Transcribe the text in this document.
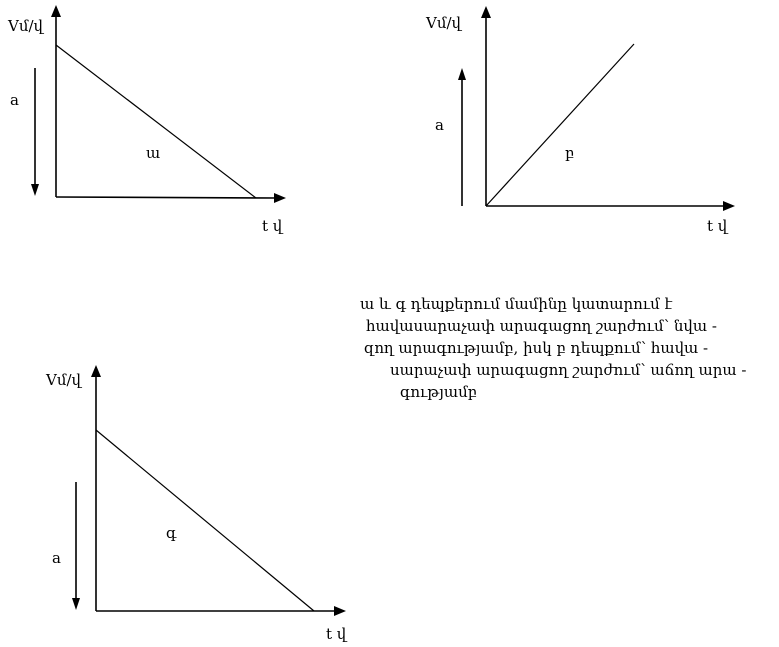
Vմ/վ
a
ա
t վ
Vմ/վ
a
բ
t վ
Vմ/վ
a
գ
t վ
ա և գ դեպքերում մամինը կատարում է
հավասարաչափ արագացող շարժում՝ նվա -
զող արագությամբ, իսկ բ դեպքում՝ հավա -
սարաչափ արագացող շարժում՝ աճող արա -
գությամբ
